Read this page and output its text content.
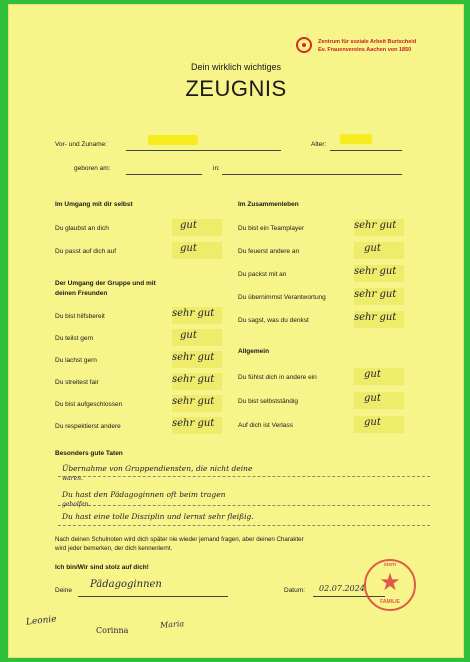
Zentrum für soziale Arbeit Burtscheid
Ev. Frauenvereins Aachen von 1850
Dein wirklich wichtiges
ZEUGNIS
Vor- und Zuname:	Alter:
geboren am:	in:
Im Umgang mit dir selbst
Du glaubst an dich	gut
Du passt auf dich auf	gut
Der Umgang der Gruppe und mit
deinen Freunden
Du bist hilfsbereit	sehr gut
Du teilst gern	gut
Du lachst gern	sehr gut
Du streitest fair	sehr gut
Du bist aufgeschlossen	sehr gut
Du respektierst andere	sehr gut
Im Zusammenleben
Du bist ein Teamplayer	sehr gut
Du feuerst andere an	gut
Du packst mit an	sehr gut
Du übernimmst Verantwortung	sehr gut
Du sagst, was du denkst	sehr gut
Allgemein
Du fühlst dich in andere ein	gut
Du bist selbstständig	gut
Auf dich ist Verlass	gut
Besonders gute Taten
Übernahme von Gruppendiensten, die nicht deine
waren.
Du hast den Pädagoginnen oft beim tragen
geholfen.
Du hast eine tolle Disziplin und lernst sehr fleißig.
Nach deinen Schulnoten wird dich später nie wieder jemand fragen, aber deinen Charakter
wird jeder bemerken, der dich kennenlernt.
Ich bin/Wir sind stolz auf dich!
Deine
Pädagoginnen
Datum: 02.07.2024
stern
★
FAMILIE
Leonie
Corinna
Maria
